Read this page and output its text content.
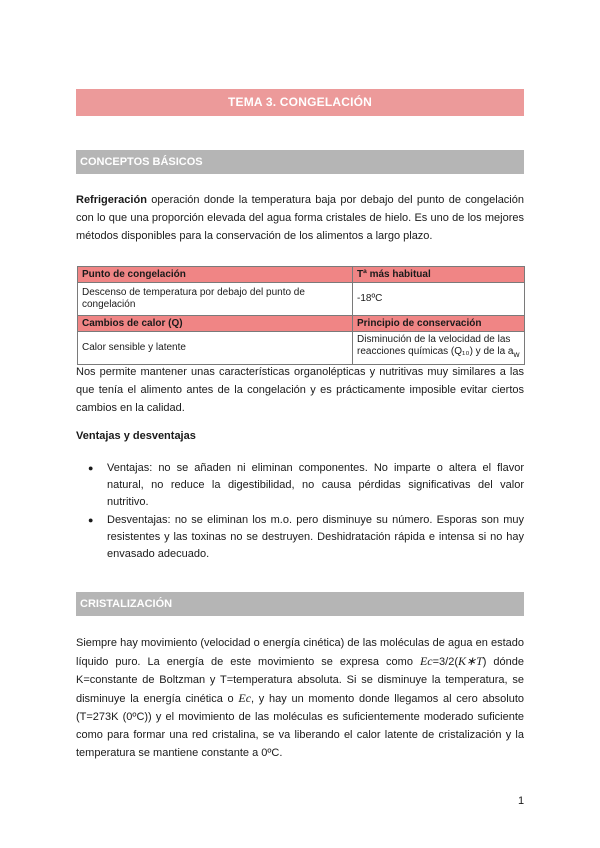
TEMA 3. CONGELACIÓN
CONCEPTOS BÁSICOS

Refrigeración operación donde la temperatura baja por debajo del punto de congelación con lo que una proporción elevada del agua forma cristales de hielo. Es uno de los mejores métodos disponibles para la conservación de los alimentos a largo plazo.

Punto de congelación	Tª más habitual
Descenso de temperatura por debajo del punto de congelación	-18ºC
Cambios de calor (Q)	Principio de conservación
Calor sensible y latente	Disminución de la velocidad de las reacciones químicas (Q₁₀) y de la $a_w$

Nos permite mantener unas características organolépticas y nutritivas muy similares a las que tenía el alimento antes de la congelación y es prácticamente imposible evitar ciertos cambios en la calidad.

Ventajas y desventajas

● Ventajas: no se añaden ni eliminan componentes. No imparte o altera el flavor natural, no reduce la digestibilidad, no causa pérdidas significativas del valor nutritivo.
● Desventajas: no se eliminan los m.o. pero disminuye su número. Esporas son muy resistentes y las toxinas no se destruyen. Deshidratación rápida e intensa si no hay envasado adecuado.
CRISTALIZACIÓN

Siempre hay movimiento (velocidad o energía cinética) de las moléculas de agua en estado líquido puro. La energía de este movimiento se expresa como Ec=3/2(K∗T) dónde K=constante de Boltzman y T=temperatura absoluta. Si se disminuye la temperatura, se disminuye la energía cinética o Ec, y hay un momento donde llegamos al cero absoluto (T=273K (0ºC)) y el movimiento de las moléculas es suficientemente moderado suficiente como para formar una red cristalina, se va liberando el calor latente de cristalización y la temperatura se mantiene constante a 0ºC.

1
